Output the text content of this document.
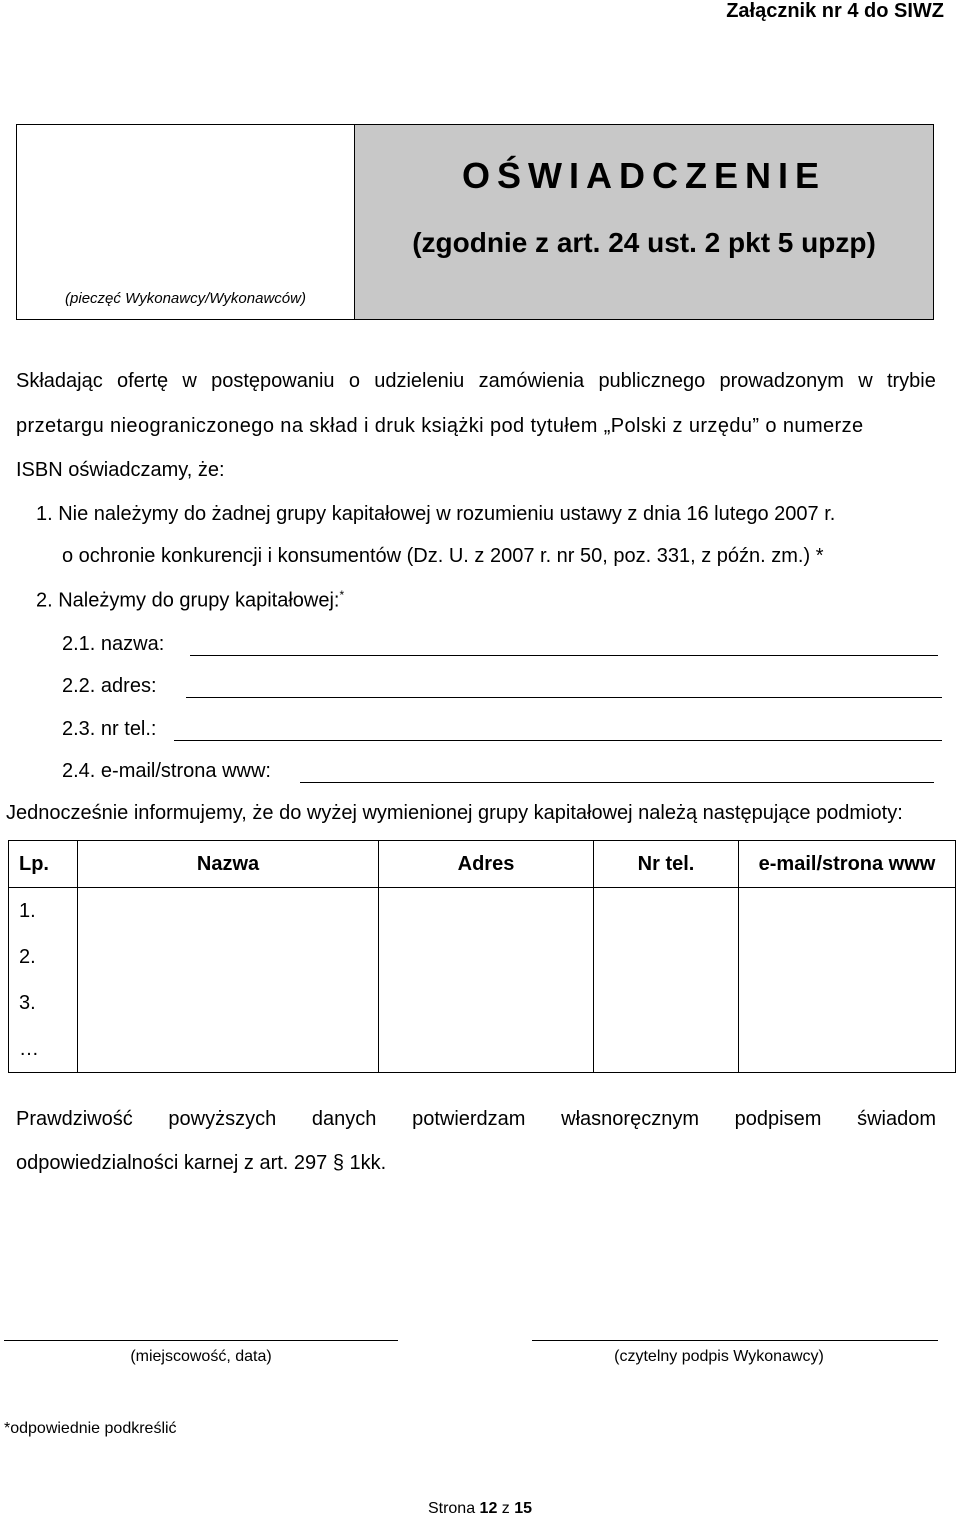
Załącznik nr 4 do SIWZ
(pieczęć Wykonawcy/Wykonawców)
OŚWIADCZENIE
(zgodnie z art. 24 ust. 2 pkt 5 upzp)
Składając ofertę w postępowaniu o udzieleniu zamówienia publicznego prowadzonym w trybie
przetargu nieograniczonego na skład i druk książki pod tytułem „Polski z urzędu” o numerze
ISBN oświadczamy, że:
1. Nie należymy do żadnej grupy kapitałowej w rozumieniu ustawy z dnia 16 lutego 2007 r.
o ochronie konkurencji i konsumentów (Dz. U. z 2007 r. nr 50, poz. 331, z późn. zm.) *
2. Należymy do grupy kapitałowej:*
2.1. nazwa:
2.2. adres:
2.3. nr tel.:
2.4. e-mail/strona www:
Jednocześnie informujemy, że do wyżej wymienionej grupy kapitałowej należą następujące podmioty:
Lp.	Nazwa	Adres	Nr tel.	e-mail/strona www
1.				
2.				
3.				
…				
Prawdziwość powyższych danych potwierdzam własnoręcznym podpisem świadom
odpowiedzialności karnej z art. 297 § 1kk.
(miejscowość, data)	(czytelny podpis Wykonawcy)
*odpowiednie podkreślić
Strona 12 z 15
